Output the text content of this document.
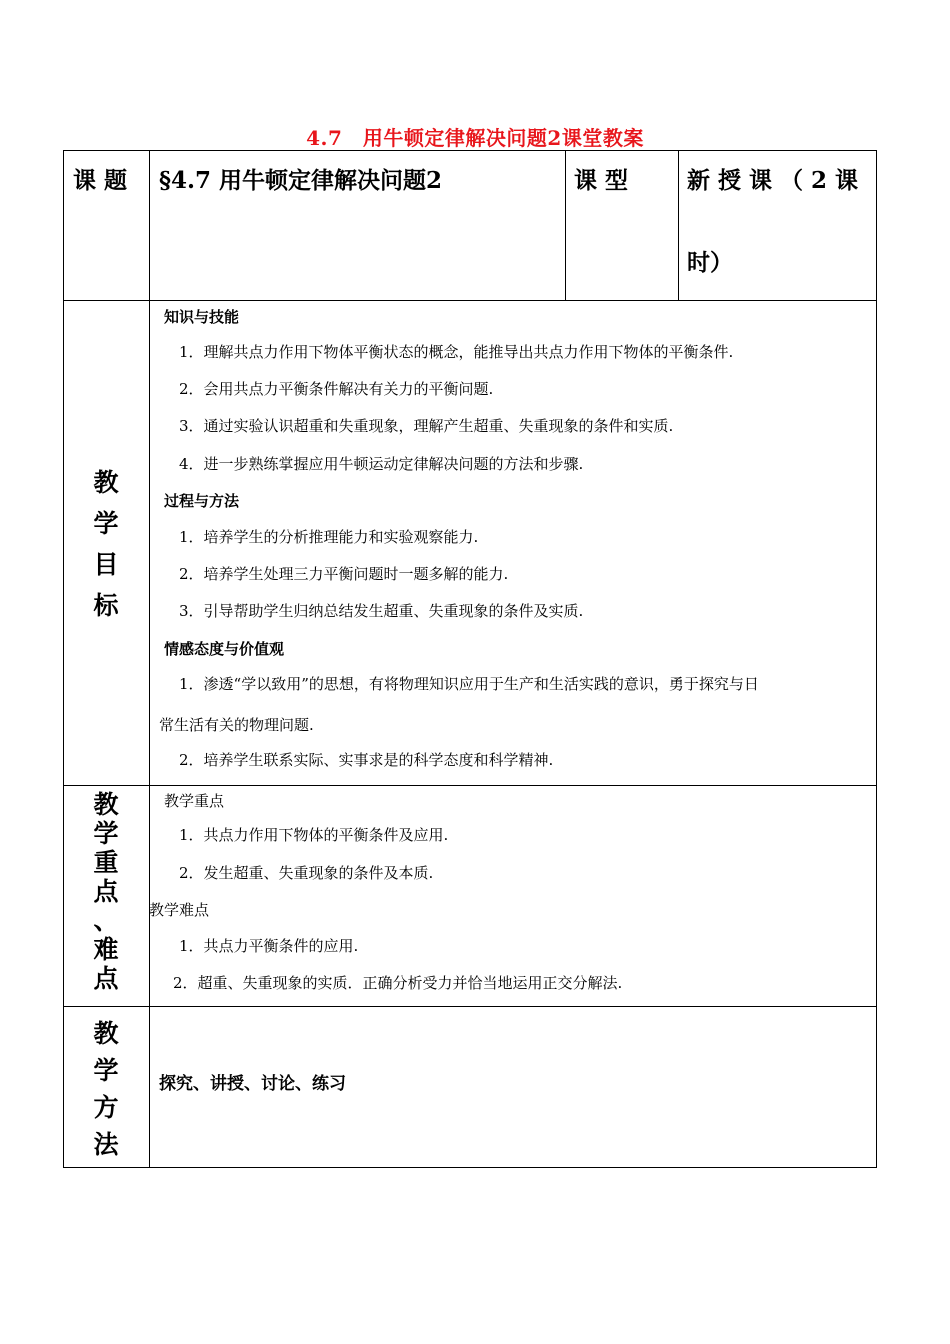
4.7　用牛顿定律解决问题2课堂教案
课 题 §4.7 用牛顿定律解决问题2	课 型	新 授 课 （ 2 课
时）
教
学
目
标
知识与技能
1．理解共点力作用下物体平衡状态的概念，能推导出共点力作用下物体的平衡条件.
2．会用共点力平衡条件解决有关力的平衡问题.
3．通过实验认识超重和失重现象，理解产生超重、失重现象的条件和实质.
4．进一步熟练掌握应用牛顿运动定律解决问题的方法和步骤.
过程与方法
1．培养学生的分析推理能力和实验观察能力.
2．培养学生处理三力平衡问题时一题多解的能力.
3．引导帮助学生归纳总结发生超重、失重现象的条件及实质.
情感态度与价值观
1．渗透“学以致用”的思想，有将物理知识应用于生产和生活实践的意识，勇于探究与日
常生活有关的物理问题.
2．培养学生联系实际、实事求是的科学态度和科学精神.
教
学
重
点
、
难
点
教学重点
1．共点力作用下物体的平衡条件及应用.
2．发生超重、失重现象的条件及本质.
教学难点
1．共点力平衡条件的应用.
2．超重、失重现象的实质．正确分析受力并恰当地运用正交分解法.
教
学
方
法
探究、讲授、讨论、练习
